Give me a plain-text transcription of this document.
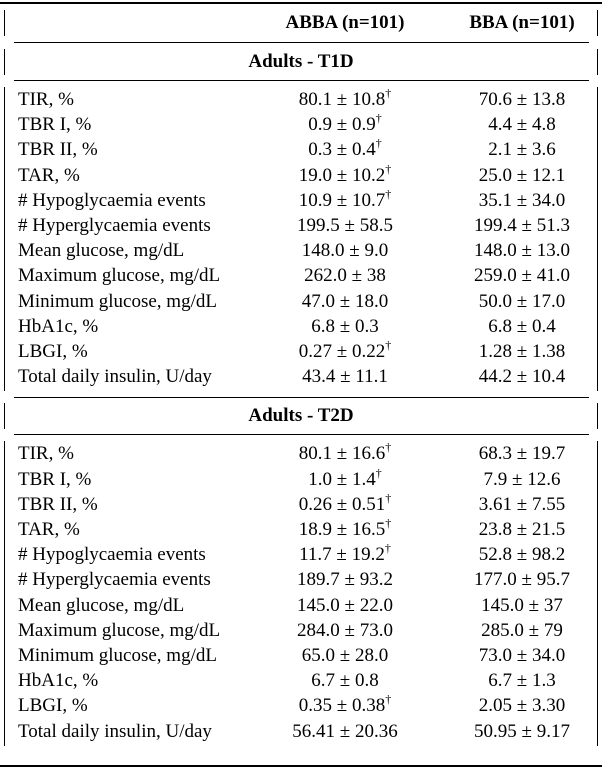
ABBA (n=101)	BBA (n=101)
Adults - T1D
TIR, %	80.1 ± 10.8†	70.6 ± 13.8
TBR I, %	0.9 ± 0.9†	4.4 ± 4.8
TBR II, %	0.3 ± 0.4†	2.1 ± 3.6
TAR, %	19.0 ± 10.2†	25.0 ± 12.1
# Hypoglycaemia events	10.9 ± 10.7†	35.1 ± 34.0
# Hyperglycaemia events	199.5 ± 58.5	199.4 ± 51.3
Mean glucose, mg/dL	148.0 ± 9.0	148.0 ± 13.0
Maximum glucose, mg/dL	262.0 ± 38	259.0 ± 41.0
Minimum glucose, mg/dL	47.0 ± 18.0	50.0 ± 17.0
HbA1c, %	6.8 ± 0.3	6.8 ± 0.4
LBGI, %	0.27 ± 0.22†	1.28 ± 1.38
Total daily insulin, U/day	43.4 ± 11.1	44.2 ± 10.4
Adults - T2D
TIR, %	80.1 ± 16.6†	68.3 ± 19.7
TBR I, %	1.0 ± 1.4†	7.9 ± 12.6
TBR II, %	0.26 ± 0.51†	3.61 ± 7.55
TAR, %	18.9 ± 16.5†	23.8 ± 21.5
# Hypoglycaemia events	11.7 ± 19.2†	52.8 ± 98.2
# Hyperglycaemia events	189.7 ± 93.2	177.0 ± 95.7
Mean glucose, mg/dL	145.0 ± 22.0	145.0 ± 37
Maximum glucose, mg/dL	284.0 ± 73.0	285.0 ± 79
Minimum glucose, mg/dL	65.0 ± 28.0	73.0 ± 34.0
HbA1c, %	6.7 ± 0.8	6.7 ± 1.3
LBGI, %	0.35 ± 0.38†	2.05 ± 3.30
Total daily insulin, U/day	56.41 ± 20.36	50.95 ± 9.17
